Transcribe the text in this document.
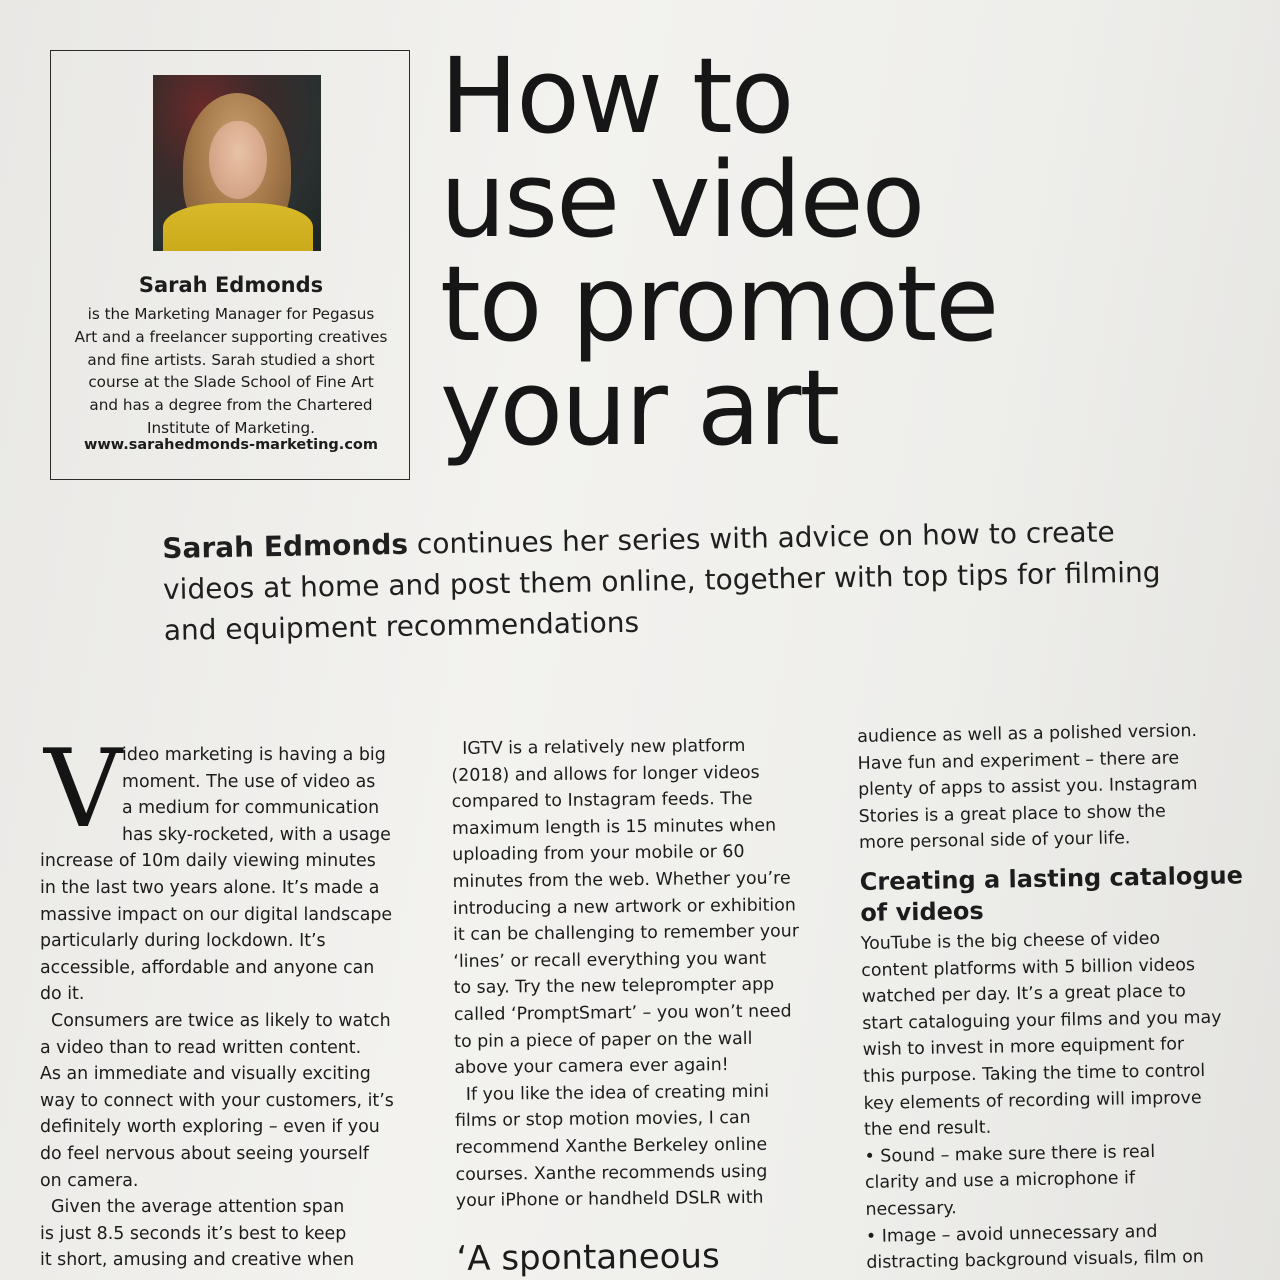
Sarah Edmonds
is the Marketing Manager for Pegasus
Art and a freelancer supporting creatives
and fine artists. Sarah studied a short
course at the Slade School of Fine Art
and has a degree from the Chartered
Institute of Marketing.
www.sarahedmonds-marketing.com
How to
use video
to promote
your art
Sarah Edmonds continues her series with advice on how to create
videos at home and post them online, together with top tips for filming
and equipment recommendations
V ideo marketing is having a big
moment. The use of video as
a medium for communication
has sky-rocketed, with a usage
increase of 10m daily viewing minutes
in the last two years alone. It’s made a
massive impact on our digital landscape
particularly during lockdown. It’s
accessible, affordable and anyone can
do it.
Consumers are twice as likely to watch
a video than to read written content.
As an immediate and visually exciting
way to connect with your customers, it’s
definitely worth exploring – even if you
do feel nervous about seeing yourself
on camera.
Given the average attention span
is just 8.5 seconds it’s best to keep
it short, amusing and creative when
IGTV is a relatively new platform
(2018) and allows for longer videos
compared to Instagram feeds. The
maximum length is 15 minutes when
uploading from your mobile or 60
minutes from the web. Whether you’re
introducing a new artwork or exhibition
it can be challenging to remember your
‘lines’ or recall everything you want
to say. Try the new teleprompter app
called ‘PromptSmart’ – you won’t need
to pin a piece of paper on the wall
above your camera ever again!
If you like the idea of creating mini
films or stop motion movies, I can
recommend Xanthe Berkeley online
courses. Xanthe recommends using
your iPhone or handheld DSLR with
‘A spontaneous
audience as well as a polished version.
Have fun and experiment – there are
plenty of apps to assist you. Instagram
Stories is a great place to show the
more personal side of your life.
Creating a lasting catalogue
of videos
YouTube is the big cheese of video
content platforms with 5 billion videos
watched per day. It’s a great place to
start cataloguing your films and you may
wish to invest in more equipment for
this purpose. Taking the time to control
key elements of recording will improve
the end result.
• Sound – make sure there is real
clarity and use a microphone if
necessary.
• Image – avoid unnecessary and
distracting background visuals, film on
